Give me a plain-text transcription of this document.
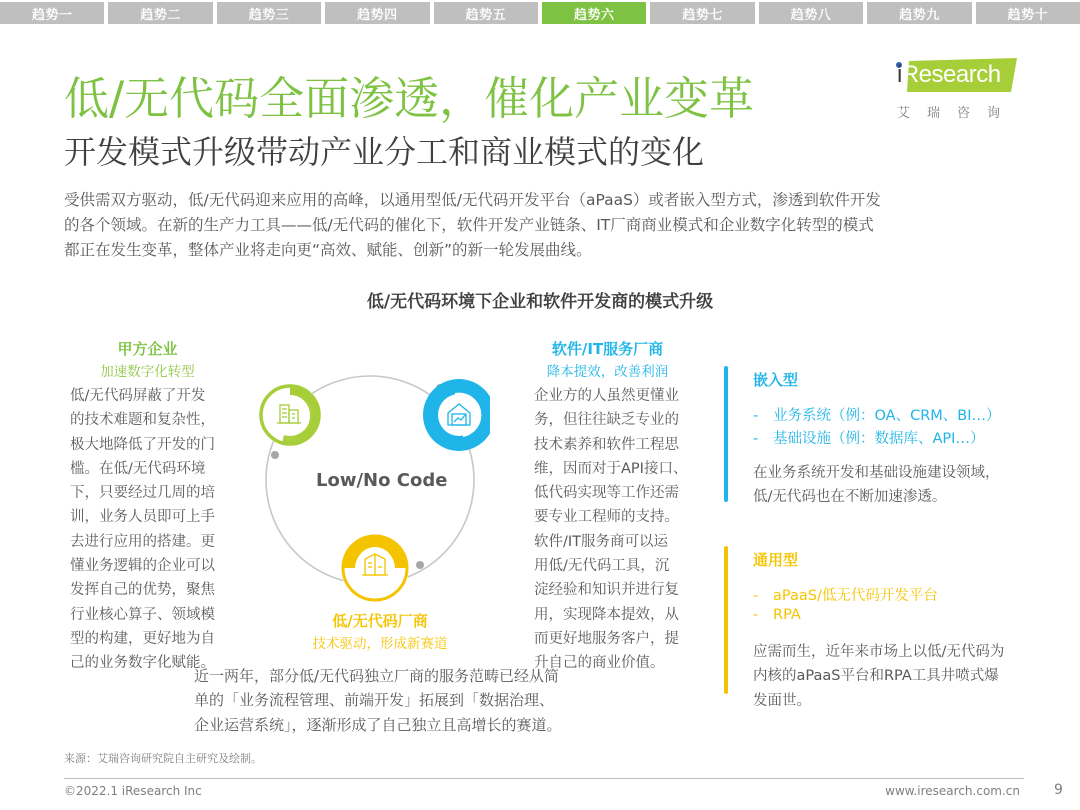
趋势一	趋势二	趋势三	趋势四	趋势五	趋势六	趋势七	趋势八	趋势九	趋势十
低/无代码全面渗透，催化产业变革
开发模式升级带动产业分工和商业模式的变化
iResearch
艾瑞咨询
受供需双方驱动，低/无代码迎来应用的高峰，以通用型低/无代码开发平台（aPaaS）或者嵌入型方式，渗透到软件开发
的各个领域。在新的生产力工具——低/无代码的催化下，软件开发产业链条、IT厂商商业模式和企业数字化转型的模式
都正在发生变革，整体产业将走向更“高效、赋能、创新”的新一轮发展曲线。
低/无代码环境下企业和软件开发商的模式升级
甲方企业
加速数字化转型
低/无代码屏蔽了开发
的技术难题和复杂性，
极大地降低了开发的门
槛。在低/无代码环境
下，只要经过几周的培
训，业务人员即可上手
去进行应用的搭建。更
懂业务逻辑的企业可以
发挥自己的优势，聚焦
行业核心算子、领域模
型的构建，更好地为自
己的业务数字化赋能。
Low/No Code
低/无代码厂商
技术驱动，形成新赛道
软件/IT服务厂商
降本提效，改善利润
企业方的人虽然更懂业
务，但往往缺乏专业的
技术素养和软件工程思
维，因而对于API接口、
低代码实现等工作还需
要专业工程师的支持。
软件/IT服务商可以运
用低/无代码工具，沉
淀经验和知识并进行复
用，实现降本提效，从
而更好地服务客户，提
升自己的商业价值。
嵌入型
- 业务系统（例：OA、CRM、BI…）
- 基础设施（例：数据库、API…）
在业务系统开发和基础设施建设领域，
低/无代码也在不断加速渗透。
通用型
- aPaaS/低无代码开发平台
- RPA
应需而生，近年来市场上以低/无代码为
内核的aPaaS平台和RPA工具井喷式爆
发面世。
近一两年，部分低/无代码独立厂商的服务范畴已经从简
单的「业务流程管理、前端开发」拓展到「数据治理、
企业运营系统」，逐渐形成了自己独立且高增长的赛道。
来源：艾瑞咨询研究院自主研究及绘制。
©2022.1 iResearch Inc	www.iresearch.com.cn 9
